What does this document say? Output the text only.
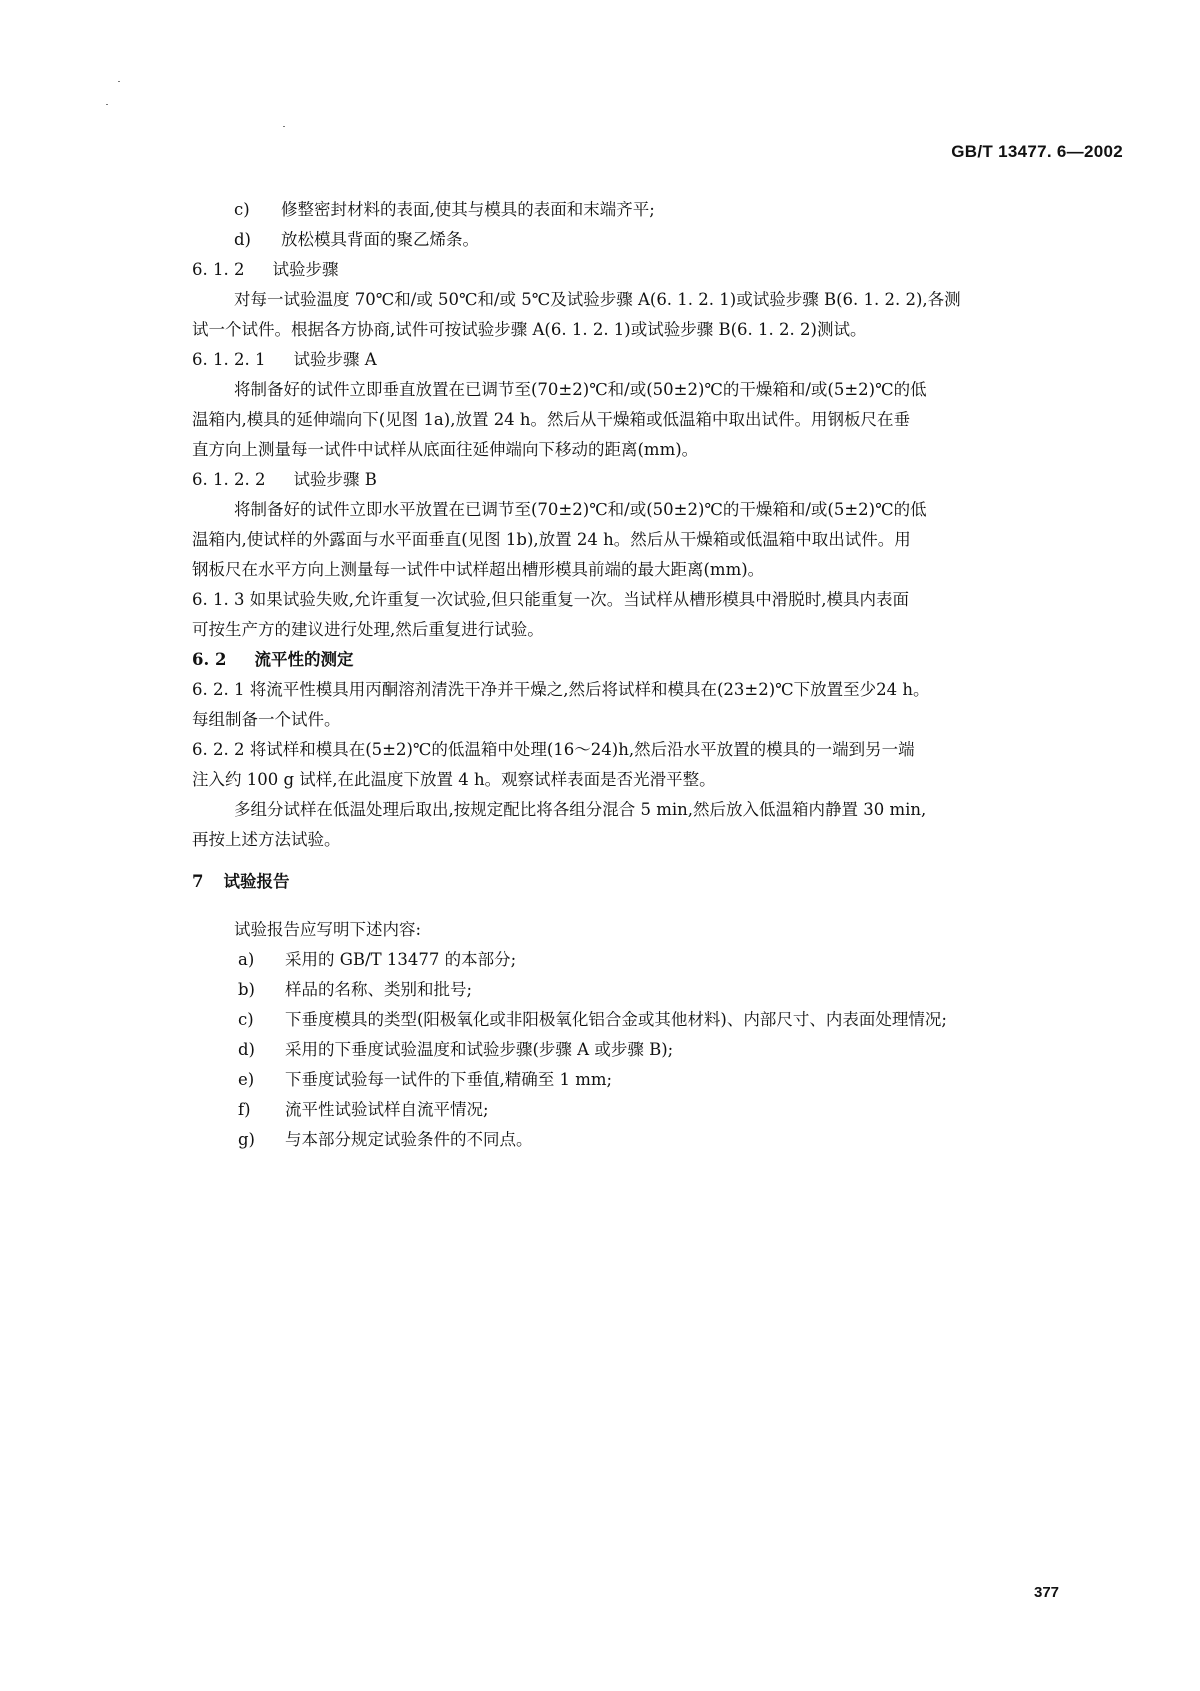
GB/T 13477. 6—2002
c)	修整密封材料的表面,使其与模具的表面和末端齐平;
d)	放松模具背面的聚乙烯条。
6. 1. 2 试验步骤
对每一试验温度 70℃和/或 50℃和/或 5℃及试验步骤 A(6. 1. 2. 1)或试验步骤 B(6. 1. 2. 2),各测
试一个试件。根据各方协商,试件可按试验步骤 A(6. 1. 2. 1)或试验步骤 B(6. 1. 2. 2)测试。
6. 1. 2. 1 试验步骤 A
将制备好的试件立即垂直放置在已调节至(70±2)℃和/或(50±2)℃的干燥箱和/或(5±2)℃的低
温箱内,模具的延伸端向下(见图 1a),放置 24 h。然后从干燥箱或低温箱中取出试件。用钢板尺在垂
直方向上测量每一试件中试样从底面往延伸端向下移动的距离(mm)。
6. 1. 2. 2 试验步骤 B
将制备好的试件立即水平放置在已调节至(70±2)℃和/或(50±2)℃的干燥箱和/或(5±2)℃的低
温箱内,使试样的外露面与水平面垂直(见图 1b),放置 24 h。然后从干燥箱或低温箱中取出试件。用
钢板尺在水平方向上测量每一试件中试样超出槽形模具前端的最大距离(mm)。
6. 1. 3 如果试验失败,允许重复一次试验,但只能重复一次。当试样从槽形模具中滑脱时,模具内表面
可按生产方的建议进行处理,然后重复进行试验。
6. 2 流平性的测定
6. 2. 1 将流平性模具用丙酮溶剂清洗干净并干燥之,然后将试样和模具在(23±2)℃下放置至少24 h。
每组制备一个试件。
6. 2. 2 将试样和模具在(5±2)℃的低温箱中处理(16～24)h,然后沿水平放置的模具的一端到另一端
注入约 100 g 试样,在此温度下放置 4 h。观察试样表面是否光滑平整。
多组分试样在低温处理后取出,按规定配比将各组分混合 5 min,然后放入低温箱内静置 30 min,
再按上述方法试验。
7 试验报告
试验报告应写明下述内容:
a)	采用的 GB/T 13477 的本部分;
b)	样品的名称、类别和批号;
c)	下垂度模具的类型(阳极氧化或非阳极氧化铝合金或其他材料)、内部尺寸、内表面处理情况;
d)	采用的下垂度试验温度和试验步骤(步骤 A 或步骤 B);
e)	下垂度试验每一试件的下垂值,精确至 1 mm;
f)	流平性试验试样自流平情况;
g)	与本部分规定试验条件的不同点。
377
